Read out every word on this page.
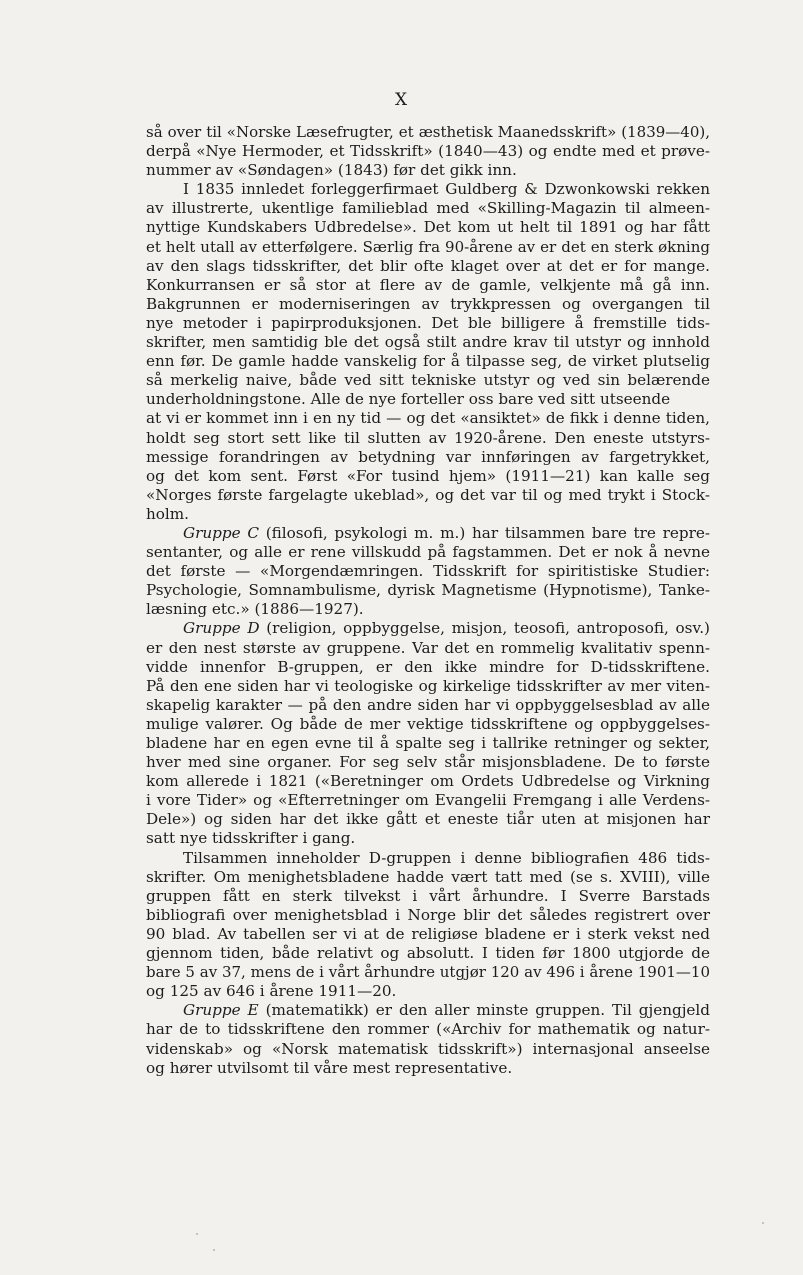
X
så over til «Norske Læsefrugter, et æsthetisk Maanedsskrift» (1839—40),
derpå «Nye Hermoder, et Tidsskrift» (1840—43) og endte med et prøve-
nummer av «Søndagen» (1843) før det gikk inn.
I 1835 innledet forleggerfirmaet Guldberg & Dzwonkowski rekken
av illustrerte, ukentlige familieblad med «Skilling-Magazin til almeen-
nyttige Kundskabers Udbredelse». Det kom ut helt til 1891 og har fått
et helt utall av etterfølgere. Særlig fra 90-årene av er det en sterk økning
av den slags tidsskrifter, det blir ofte klaget over at det er for mange.
Konkurransen er så stor at flere av de gamle, velkjente må gå inn.
Bakgrunnen er moderniseringen av trykkpressen og overgangen til
nye metoder i papirproduksjonen. Det ble billigere å fremstille tids-
skrifter, men samtidig ble det også stilt andre krav til utstyr og innhold
enn før. De gamle hadde vanskelig for å tilpasse seg, de virket plutselig
så merkelig naive, både ved sitt tekniske utstyr og ved sin belærende
underholdningstone. Alle de nye forteller oss bare ved sitt utseende
at vi er kommet inn i en ny tid — og det «ansiktet» de fikk i denne tiden,
holdt seg stort sett like til slutten av 1920-årene. Den eneste utstyrs-
messige forandringen av betydning var innføringen av fargetrykket,
og det kom sent. Først «For tusind hjem» (1911—21) kan kalle seg
«Norges første fargelagte ukeblad», og det var til og med trykt i Stock-
holm.
Gruppe C (filosofi, psykologi m. m.) har tilsammen bare tre repre-
sentanter, og alle er rene villskudd på fagstammen. Det er nok å nevne
det første — «Morgendæmringen. Tidsskrift for spiritistiske Studier:
Psychologie, Somnambulisme, dyrisk Magnetisme (Hypnotisme), Tanke-
læsning etc.» (1886—1927).
Gruppe D (religion, oppbyggelse, misjon, teosofi, antroposofi, osv.)
er den nest største av gruppene. Var det en rommelig kvalitativ spenn-
vidde innenfor B-gruppen, er den ikke mindre for D-tidsskriftene.
På den ene siden har vi teologiske og kirkelige tidsskrifter av mer viten-
skapelig karakter — på den andre siden har vi oppbyggelsesblad av alle
mulige valører. Og både de mer vektige tidsskriftene og oppbyggelses-
bladene har en egen evne til å spalte seg i tallrike retninger og sekter,
hver med sine organer. For seg selv står misjonsbladene. De to første
kom allerede i 1821 («Beretninger om Ordets Udbredelse og Virkning
i vore Tider» og «Efterretninger om Evangelii Fremgang i alle Verdens-
Dele») og siden har det ikke gått et eneste tiår uten at misjonen har
satt nye tidsskrifter i gang.
Tilsammen inneholder D-gruppen i denne bibliografien 486 tids-
skrifter. Om menighetsbladene hadde vært tatt med (se s. XVIII), ville
gruppen fått en sterk tilvekst i vårt århundre. I Sverre Barstads
bibliografi over menighetsblad i Norge blir det således registrert over
90 blad. Av tabellen ser vi at de religiøse bladene er i sterk vekst ned
gjennom tiden, både relativt og absolutt. I tiden før 1800 utgjorde de
bare 5 av 37, mens de i vårt århundre utgjør 120 av 496 i årene 1901—10
og 125 av 646 i årene 1911—20.
Gruppe E (matematikk) er den aller minste gruppen. Til gjengjeld
har de to tidsskriftene den rommer («Archiv for mathematik og natur-
videnskab» og «Norsk matematisk tidsskrift») internasjonal anseelse
og hører utvilsomt til våre mest representative.
